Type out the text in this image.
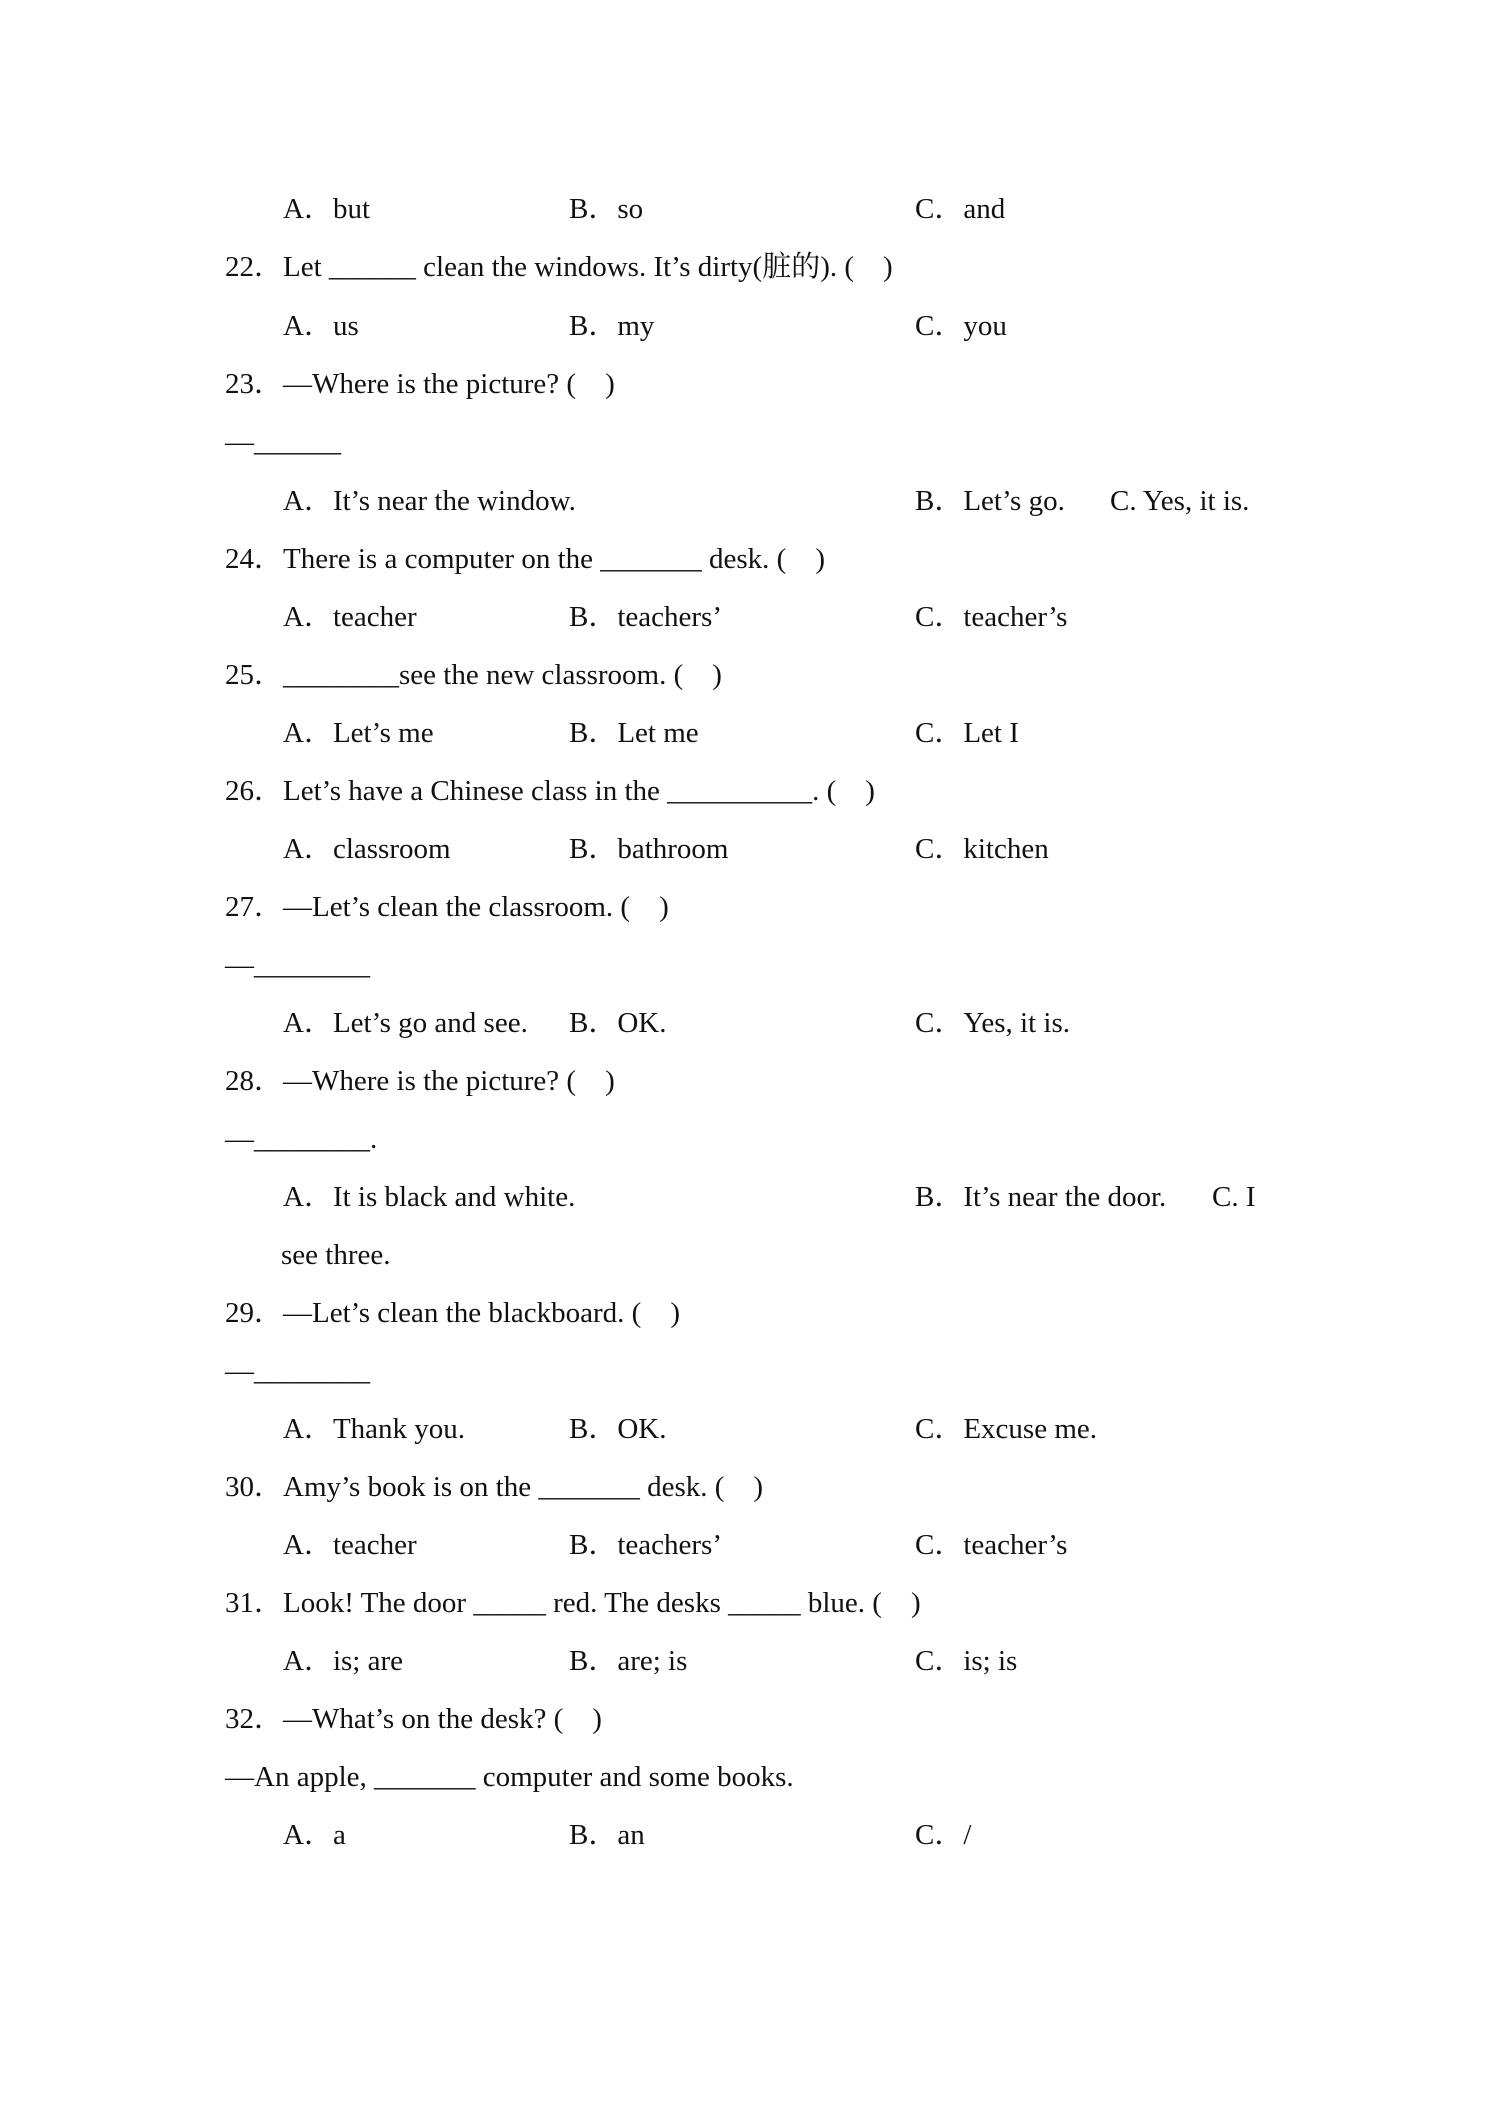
A．but	B．so	C．and
22．Let ______ clean the windows. It’s dirty(脏的). (　)
A．us	B．my	C．you
23．—Where is the picture? (　)
—______
A．It’s near the window.	B．Let’s go. C. Yes, it is.
24．There is a computer on the _______ desk. (　)
A．teacher	B．teachers’	C．teacher’s
25．________see the new classroom. (　)
A．Let’s me	B．Let me	C．Let I
26．Let’s have a Chinese class in the __________. (　)
A．classroom	B．bathroom	C．kitchen
27．—Let’s clean the classroom. (　)
—________
A．Let’s go and see. B．OK.	C．Yes, it is.
28．—Where is the picture? (　)
—________.
A．It is black and white.	B．It’s near the door. C. I
see three.
29．—Let’s clean the blackboard. (　)
—________
A．Thank you.	B．OK.	C．Excuse me.
30．Amy’s book is on the _______ desk. (　)
A．teacher	B．teachers’	C．teacher’s
31．Look! The door _____ red. The desks _____ blue. (　)
A．is; are	B．are; is	C．is; is
32．—What’s on the desk? (　)
—An apple, _______ computer and some books.
A．a	B．an	C．/
